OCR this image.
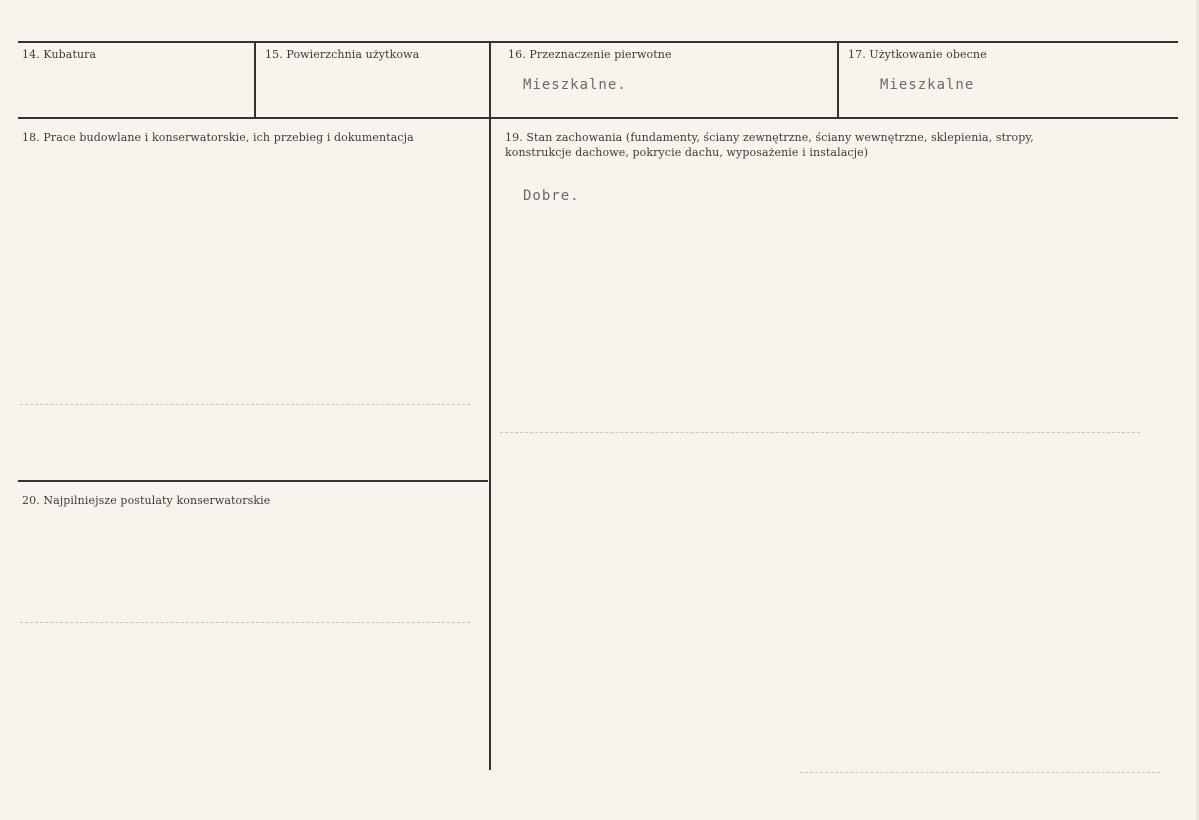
14. Kubatura	15. Powierzchnia użytkowa	16. Przeznaczenie pierwotne
Mieszkalne.
17. Użytkowanie obecne
Mieszkalne
18. Prace budowlane i konserwatorskie, ich przebieg i dokumentacja	19. Stan zachowania (fundamenty, ściany zewnętrzne, ściany wewnętrzne, sklepienia, stropy,
konstrukcje dachowe, pokrycie dachu, wyposażenie i instalacje)
Dobre.
20. Najpilniejsze postulaty konserwatorskie
